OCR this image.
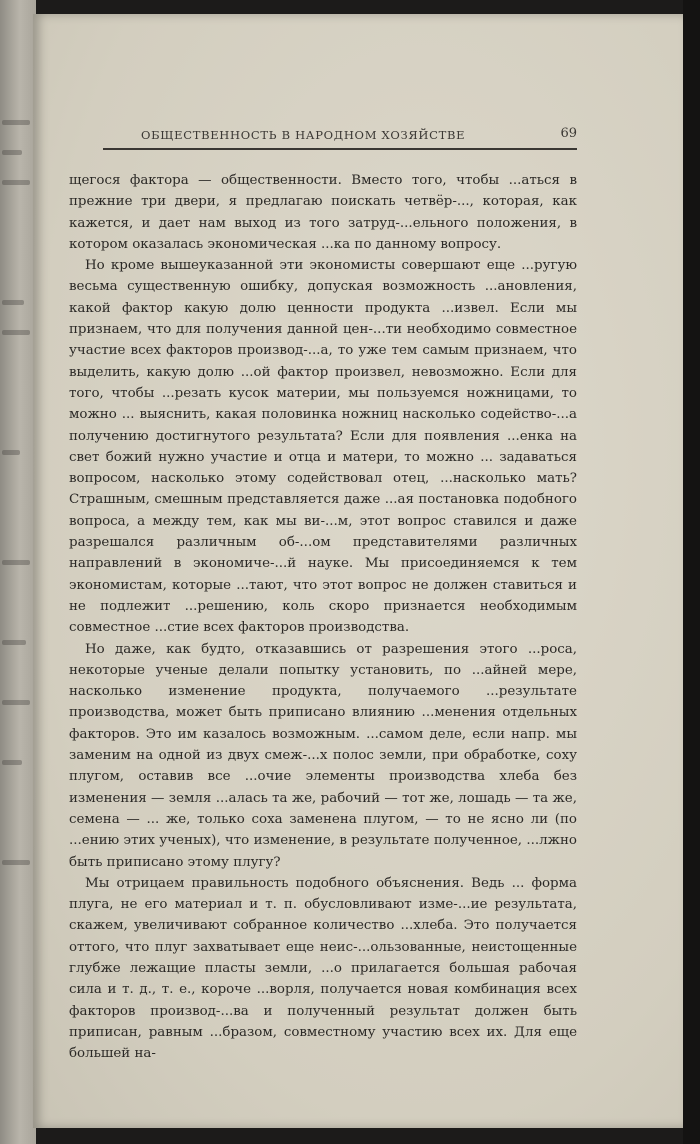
ОБЩЕСТВЕННОСТЬ В НАРОДНОМ ХОЗЯЙСТВЕ	69

щегося фактора — общественности. Вместо того, чтобы ...аться в прежние три двери, я предлагаю поискать четвёр-..., которая, как кажется, и дает нам выход из того затруд-...ельного положения, в котором оказалась экономическая ...ка по данному вопросу.

Но кроме вышеуказанной эти экономисты совершают еще ...ругую весьма существенную ошибку, допуская возможность ...ановления, какой фактор какую долю ценности продукта ...извел. Если мы признаем, что для получения данной цен-...ти необходимо совместное участие всех факторов производ-...а, то уже тем самым признаем, что выделить, какую долю ...ой фактор произвел, невозможно. Если для того, чтобы ...резать кусок материи, мы пользуемся ножницами, то можно ... выяснить, какая половинка ножниц насколько содейство-...а получению достигнутого результата? Если для появления ...енка на свет божий нужно участие и отца и матери, то можно ... задаваться вопросом, насколько этому содействовал отец, ...насколько мать? Страшным, смешным представляется даже ...ая постановка подобного вопроса, а между тем, как мы ви-...м, этот вопрос ставился и даже разрешался различным об-...ом представителями различных направлений в экономиче-...й науке. Мы присоединяемся к тем экономистам, которые ...тают, что этот вопрос не должен ставиться и не подлежит ...решению, коль скоро признается необходимым совместное ...стие всех факторов производства.

Но даже, как будто, отказавшись от разрешения этого ...роса, некоторые ученые делали попытку установить, по ...айней мере, насколько изменение продукта, получаемого ...результате производства, может быть приписано влиянию ...менения отдельных факторов. Это им казалось возможным. ...самом деле, если напр. мы заменим на одной из двух смеж-...х полос земли, при обработке, соху плугом, оставив все ...очие элементы производства хлеба без изменения — земля ...алась та же, рабочий — тот же, лошадь — та же, семена — ... же, только соха заменена плугом, — то не ясно ли (по ...ению этих ученых), что изменение, в результате полученное, ...лжно быть приписано этому плугу?

Мы отрицаем правильность подобного объяснения. Ведь ... форма плуга, не его материал и т. п. обусловливают изме-...ие результата, скажем, увеличивают собранное количество ...хлеба. Это получается оттого, что плуг захватывает еще неис-...ользованные, неистощенные глубже лежащие пласты земли, ...о прилагается большая рабочая сила и т. д., т. е., короче ...ворля, получается новая комбинация всех факторов производ-...ва и полученный результат должен быть приписан, равным ...бразом, совместному участию всех их. Для еще большей на-
